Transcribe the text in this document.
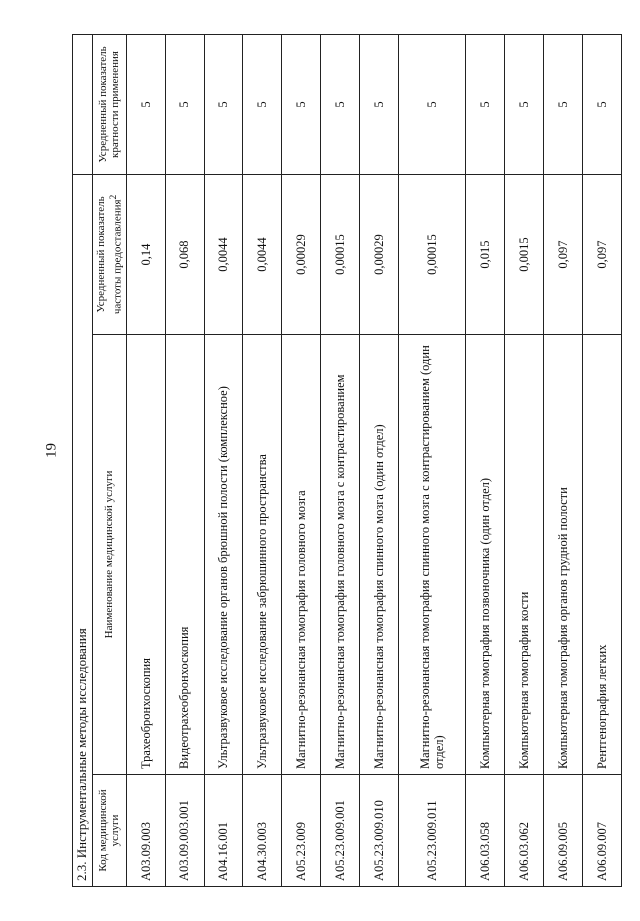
19
2.3. Инструментальные методы исследования			
Код медицинской услуги	Наименование медицинской услуги	Усредненный показатель частоты предоставления$^2$	Усредненный показатель кратности применения
A03.09.003	Трахеобронхоскопия	0,14	5
A03.09.003.001	Видеотрахеобронхоскопия	0,068	5
A04.16.001	Ультразвуковое исследование органов брюшной полости (комплексное)	0,0044	5
A04.30.003	Ультразвуковое исследование забрюшинного пространства	0,0044	5
A05.23.009	Магнитно-резонансная томография головного мозга	0,00029	5
A05.23.009.001	Магнитно-резонансная томография головного мозга с контрастированием	0,00015	5
A05.23.009.010	Магнитно-резонансная томография спинного мозга (один отдел)	0,00029	5
A05.23.009.011	Магнитно-резонансная томография спинного мозга с контрастированием (один отдел)	0,00015	5
A06.03.058	Компьютерная томография позвоночника (один отдел)	0,015	5
A06.03.062	Компьютерная томография кости	0,0015	5
A06.09.005	Компьютерная томография органов грудной полости	0,097	5
A06.09.007	Рентгенография легких	0,097	5
